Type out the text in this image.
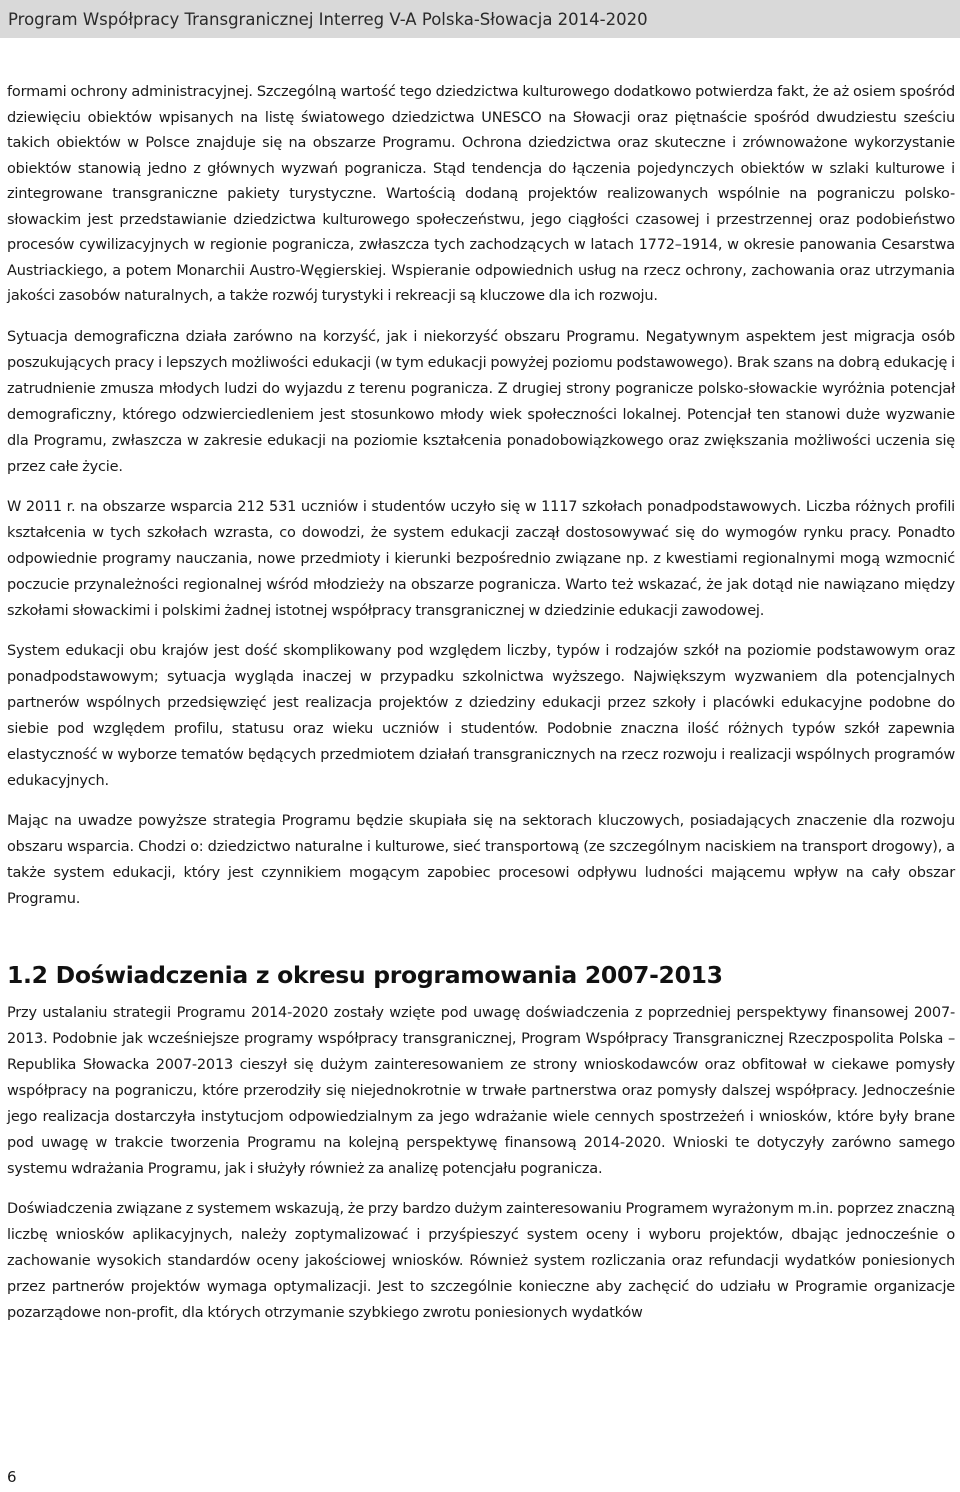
Program Współpracy Transgranicznej Interreg V-A Polska-Słowacja 2014-2020

formami ochrony administracyjnej. Szczególną wartość tego dziedzictwa kulturowego dodatkowo potwierdza fakt, że aż osiem spośród dziewięciu obiektów wpisanych na listę światowego dziedzictwa UNESCO na Słowacji oraz piętnaście spośród dwudziestu sześciu takich obiektów w Polsce znajduje się na obszarze Programu. Ochrona dziedzictwa oraz skuteczne i zrównoważone wykorzystanie obiektów stanowią jedno z głównych wyzwań pogranicza. Stąd tendencja do łączenia pojedynczych obiektów w szlaki kulturowe i zintegrowane transgraniczne pakiety turystyczne. Wartością dodaną projektów realizowanych wspólnie na pograniczu polsko-słowackim jest przedstawianie dziedzictwa kulturowego społeczeństwu, jego ciągłości czasowej i przestrzennej oraz podobieństwo procesów cywilizacyjnych w regionie pogranicza, zwłaszcza tych zachodzących w latach 1772–1914, w okresie panowania Cesarstwa Austriackiego, a potem Monarchii Austro-Węgierskiej. Wspieranie odpowiednich usług na rzecz ochrony, zachowania oraz utrzymania jakości zasobów naturalnych, a także rozwój turystyki i rekreacji są kluczowe dla ich rozwoju.

Sytuacja demograficzna działa zarówno na korzyść, jak i niekorzyść obszaru Programu. Negatywnym aspektem jest migracja osób poszukujących pracy i lepszych możliwości edukacji (w tym edukacji powyżej poziomu podstawowego). Brak szans na dobrą edukację i zatrudnienie zmusza młodych ludzi do wyjazdu z terenu pogranicza. Z drugiej strony pogranicze polsko-słowackie wyróżnia potencjał demograficzny, którego odzwierciedleniem jest stosunkowo młody wiek społeczności lokalnej. Potencjał ten stanowi duże wyzwanie dla Programu, zwłaszcza w zakresie edukacji na poziomie kształcenia ponadobowiązkowego oraz zwiększania możliwości uczenia się przez całe życie.

W 2011 r. na obszarze wsparcia 212 531 uczniów i studentów uczyło się w 1117 szkołach ponadpodstawowych. Liczba różnych profili kształcenia w tych szkołach wzrasta, co dowodzi, że system edukacji zaczął dostosowywać się do wymogów rynku pracy. Ponadto odpowiednie programy nauczania, nowe przedmioty i kierunki bezpośrednio związane np. z kwestiami regionalnymi mogą wzmocnić poczucie przynależności regionalnej wśród młodzieży na obszarze pogranicza. Warto też wskazać, że jak dotąd nie nawiązano między szkołami słowackimi i polskimi żadnej istotnej współpracy transgranicznej w dziedzinie edukacji zawodowej.

System edukacji obu krajów jest dość skomplikowany pod względem liczby, typów i rodzajów szkół na poziomie podstawowym oraz ponadpodstawowym; sytuacja wygląda inaczej w przypadku szkolnictwa wyższego. Największym wyzwaniem dla potencjalnych partnerów wspólnych przedsięwzięć jest realizacja projektów z dziedziny edukacji przez szkoły i placówki edukacyjne podobne do siebie pod względem profilu, statusu oraz wieku uczniów i studentów. Podobnie znaczna ilość różnych typów szkół zapewnia elastyczność w wyborze tematów będących przedmiotem działań transgranicznych na rzecz rozwoju i realizacji wspólnych programów edukacyjnych.

Mając na uwadze powyższe strategia Programu będzie skupiała się na sektorach kluczowych, posiadających znaczenie dla rozwoju obszaru wsparcia. Chodzi o: dziedzictwo naturalne i kulturowe, sieć transportową (ze szczególnym naciskiem na transport drogowy), a także system edukacji, który jest czynnikiem mogącym zapobiec procesowi odpływu ludności mającemu wpływ na cały obszar Programu.

1.2 Doświadczenia z okresu programowania 2007-2013

Przy ustalaniu strategii Programu 2014-2020 zostały wzięte pod uwagę doświadczenia z poprzedniej perspektywy finansowej 2007-2013. Podobnie jak wcześniejsze programy współpracy transgranicznej, Program Współpracy Transgranicznej Rzeczpospolita Polska – Republika Słowacka 2007-2013 cieszył się dużym zainteresowaniem ze strony wnioskodawców oraz obfitował w ciekawe pomysły współpracy na pograniczu, które przerodziły się niejednokrotnie w trwałe partnerstwa oraz pomysły dalszej współpracy. Jednocześnie jego realizacja dostarczyła instytucjom odpowiedzialnym za jego wdrażanie wiele cennych spostrzeżeń i wniosków, które były brane pod uwagę w trakcie tworzenia Programu na kolejną perspektywę finansową 2014-2020. Wnioski te dotyczyły zarówno samego systemu wdrażania Programu, jak i służyły również za analizę potencjału pogranicza.

Doświadczenia związane z systemem wskazują, że przy bardzo dużym zainteresowaniu Programem wyrażonym m.in. poprzez znaczną liczbę wniosków aplikacyjnych, należy zoptymalizować i przyśpieszyć system oceny i wyboru projektów, dbając jednocześnie o zachowanie wysokich standardów oceny jakościowej wniosków. Również system rozliczania oraz refundacji wydatków poniesionych przez partnerów projektów wymaga optymalizacji. Jest to szczególnie konieczne aby zachęcić do udziału w Programie organizacje pozarządowe non-profit, dla których otrzymanie szybkiego zwrotu poniesionych wydatków

6
